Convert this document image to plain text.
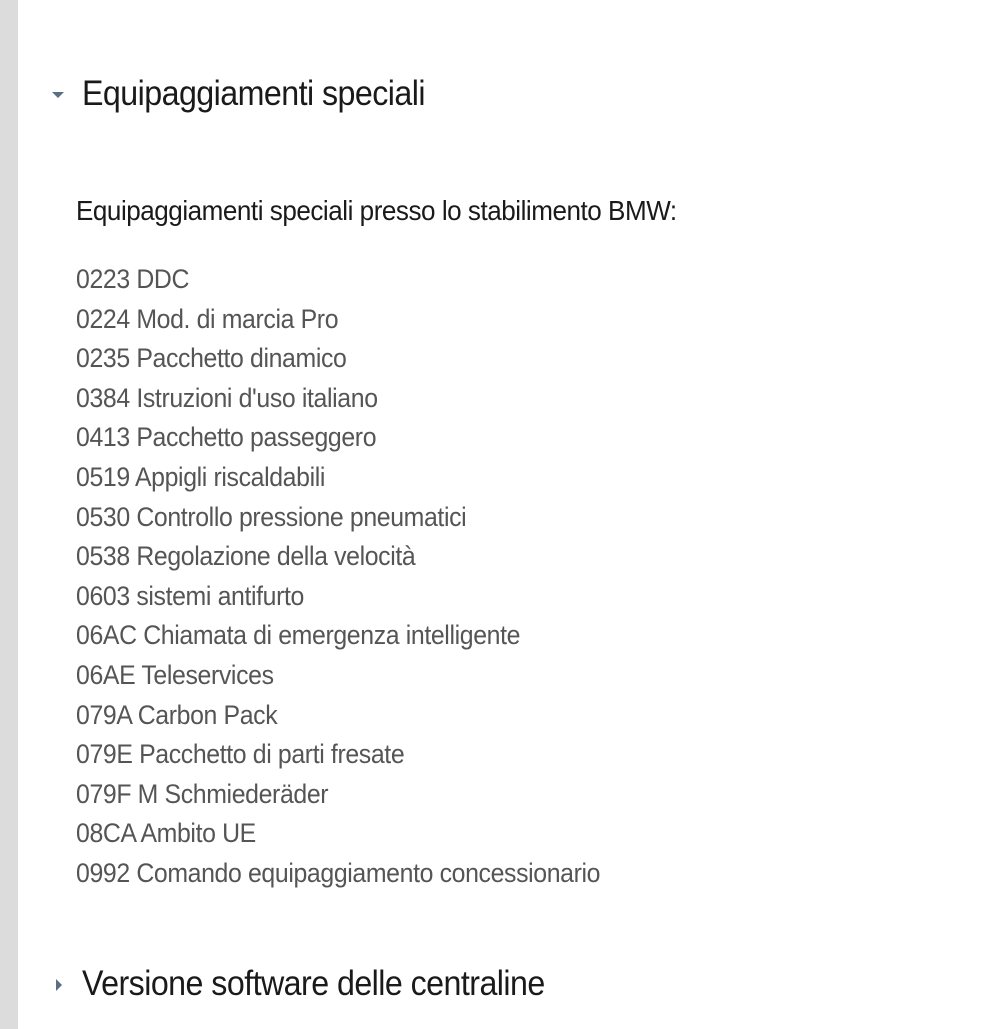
Equipaggiamenti speciali
Equipaggiamenti speciali presso lo stabilimento BMW:
0223 DDC
0224 Mod. di marcia Pro
0235 Pacchetto dinamico
0384 Istruzioni d'uso italiano
0413 Pacchetto passeggero
0519 Appigli riscaldabili
0530 Controllo pressione pneumatici
0538 Regolazione della velocità
0603 sistemi antifurto
06AC Chiamata di emergenza intelligente
06AE Teleservices
079A Carbon Pack
079E Pacchetto di parti fresate
079F M Schmiederäder
08CA Ambito UE
0992 Comando equipaggiamento concessionario
Versione software delle centraline
